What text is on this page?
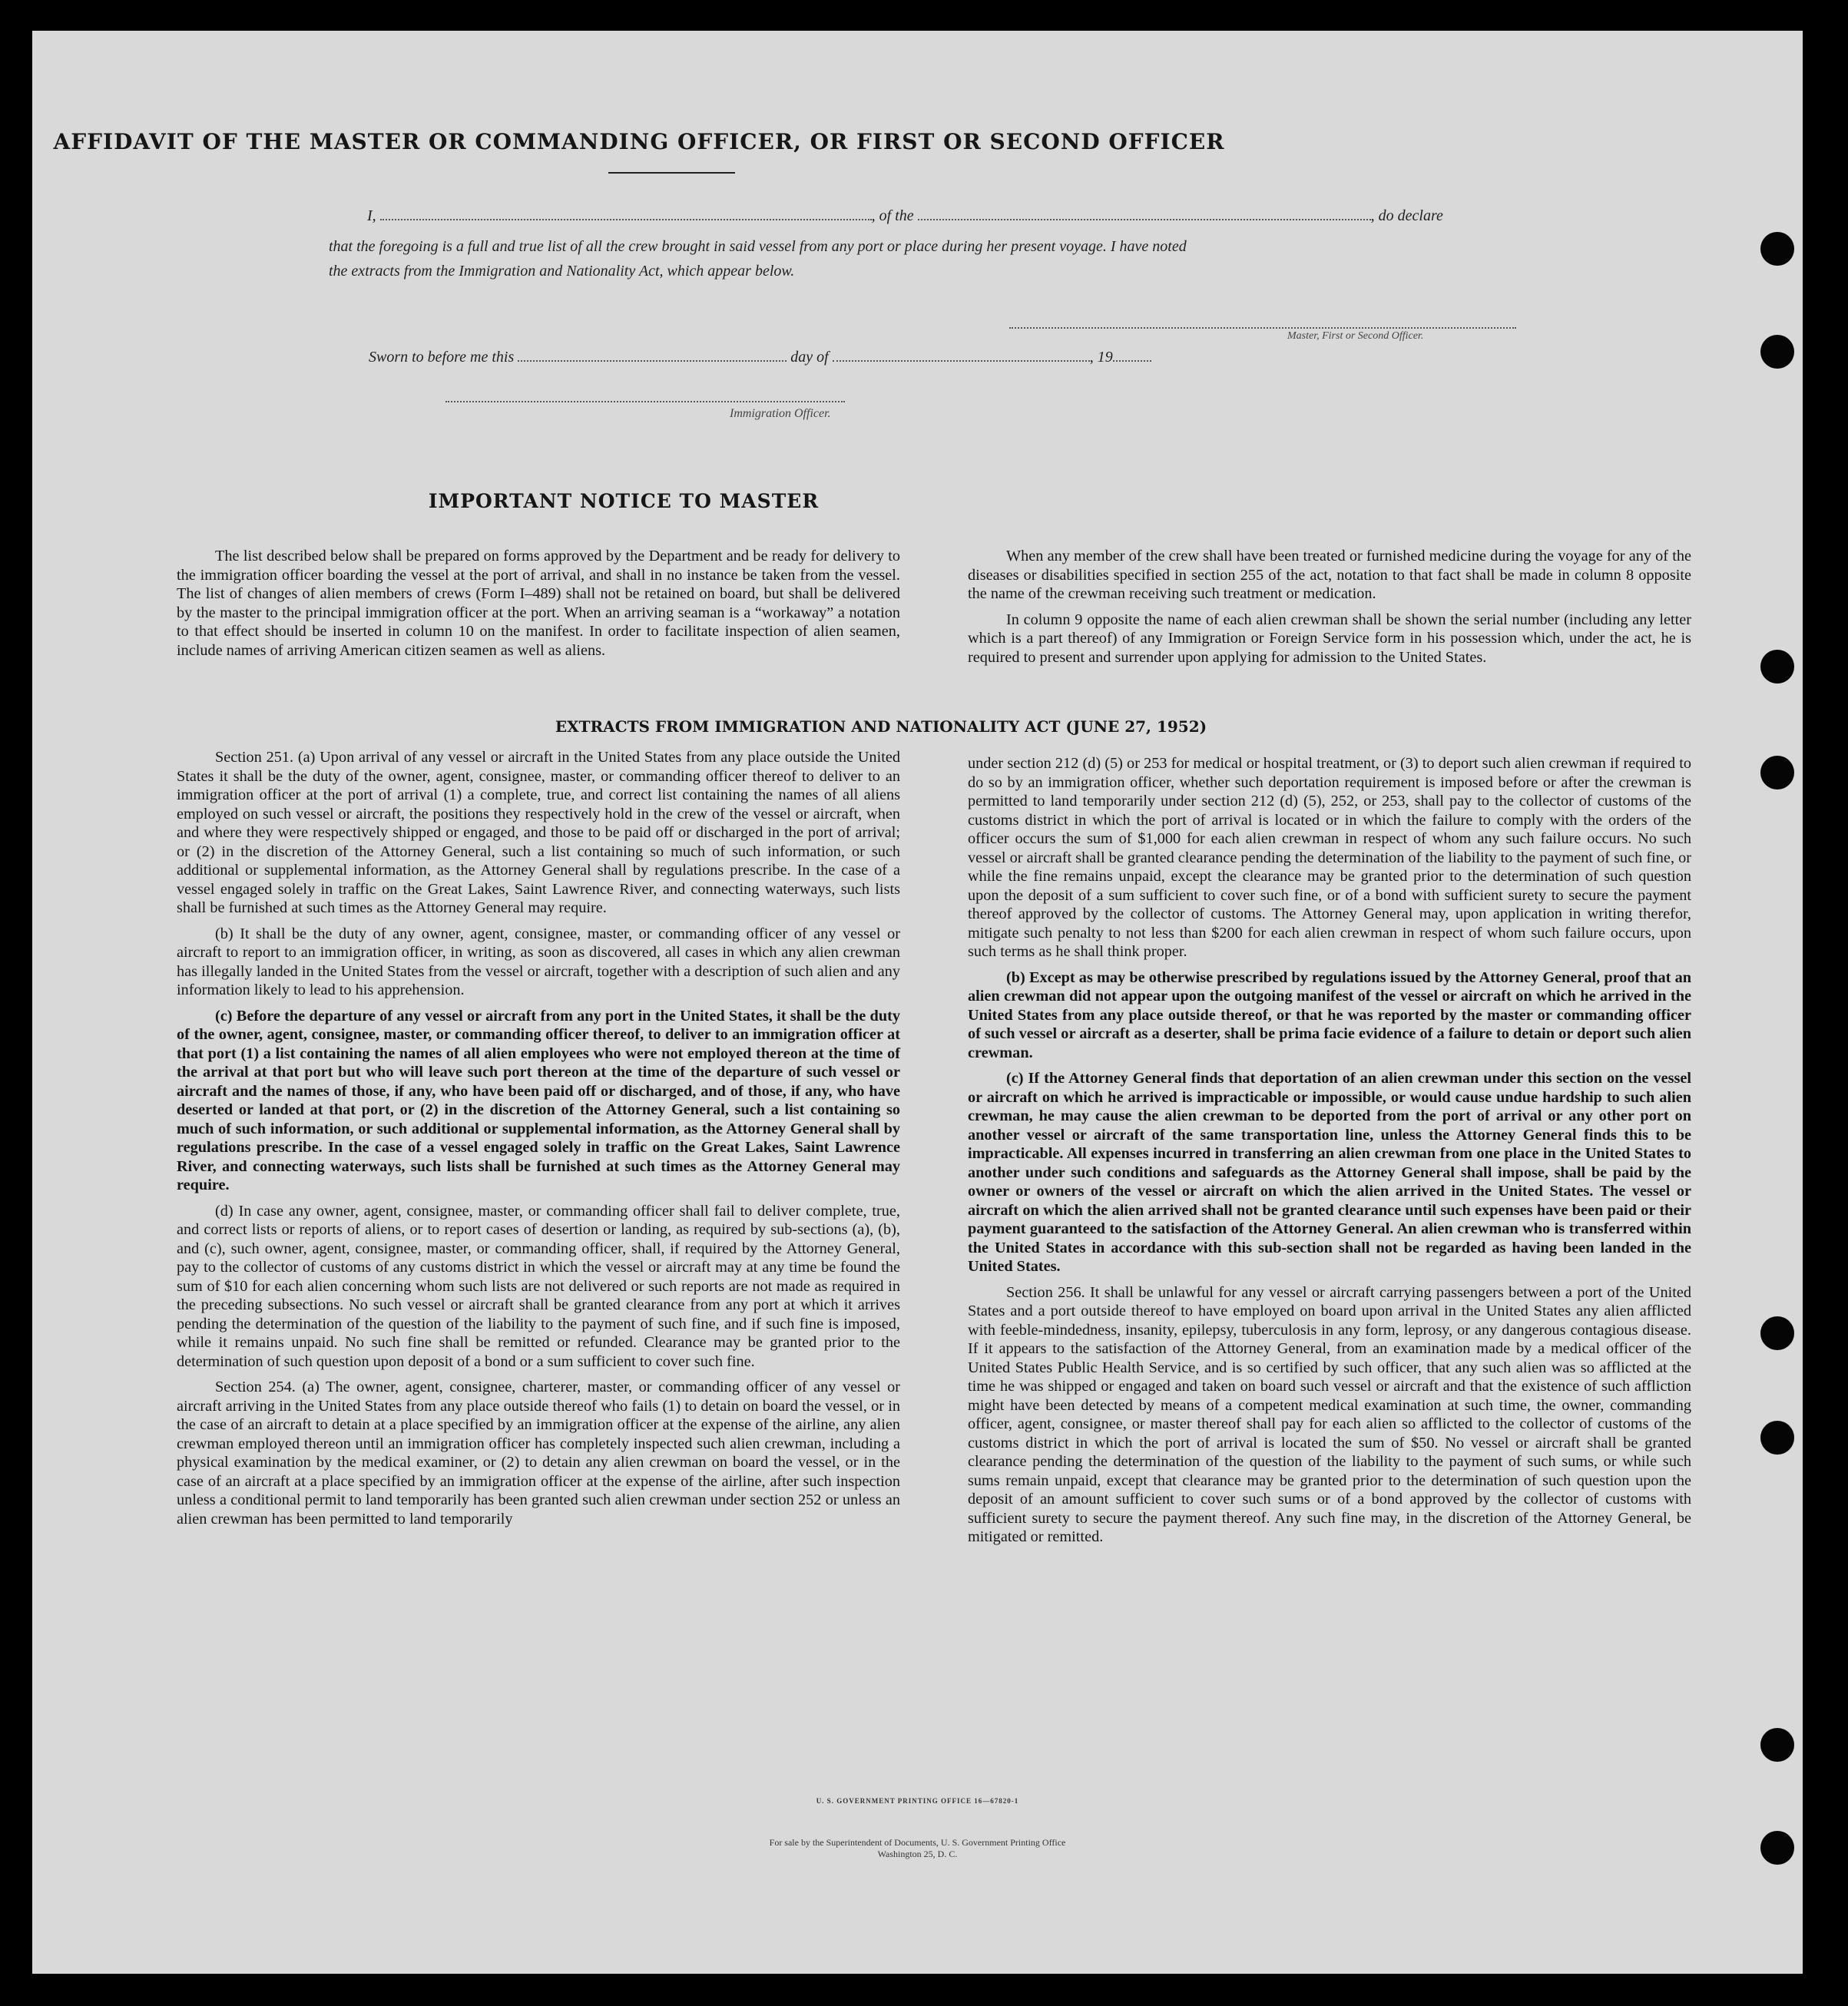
AFFIDAVIT OF THE MASTER OR COMMANDING OFFICER, OR FIRST OR SECOND OFFICER
I,	, of the	, do declare
that the foregoing is a full and true list of all the crew brought in said vessel from any port or place during her present voyage. I have noted
the extracts from the Immigration and Nationality Act, which appear below.
Master, First or Second Officer.
Sworn to before me this	day of	, 19
Immigration Officer.
IMPORTANT NOTICE TO MASTER

The list described below shall be prepared on forms approved by the Department and be ready for delivery to the immigration officer boarding the vessel at the port of arrival, and shall in no instance be taken from the vessel. The list of changes of alien members of crews (Form I–489) shall not be retained on board, but shall be delivered by the master to the principal immigration officer at the port. When an arriving seaman is a “workaway” a notation to that effect should be inserted in column 10 on the manifest. In order to facilitate inspection of alien seamen, include names of arriving American citizen seamen as well as aliens.

When any member of the crew shall have been treated or furnished medicine during the voyage for any of the diseases or disabilities specified in section 255 of the act, notation to that fact shall be made in column 8 opposite the name of the crewman receiving such treatment or medication.

In column 9 opposite the name of each alien crewman shall be shown the serial number (including any letter which is a part thereof) of any Immigration or Foreign Service form in his possession which, under the act, he is required to present and surrender upon applying for admission to the United States.

EXTRACTS FROM IMMIGRATION AND NATIONALITY ACT (JUNE 27, 1952)

Section 251. (a) Upon arrival of any vessel or aircraft in the United States from any place outside the United States it shall be the duty of the owner, agent, consignee, master, or commanding officer thereof to deliver to an immigration officer at the port of arrival (1) a complete, true, and correct list containing the names of all aliens employed on such vessel or aircraft, the positions they respectively hold in the crew of the vessel or aircraft, when and where they were respectively shipped or engaged, and those to be paid off or discharged in the port of arrival; or (2) in the discretion of the Attorney General, such a list containing so much of such information, or such additional or supplemental information, as the Attorney General shall by regulations prescribe. In the case of a vessel engaged solely in traffic on the Great Lakes, Saint Lawrence River, and connecting waterways, such lists shall be furnished at such times as the Attorney General may require.

(b) It shall be the duty of any owner, agent, consignee, master, or commanding officer of any vessel or aircraft to report to an immigration officer, in writing, as soon as discovered, all cases in which any alien crewman has illegally landed in the United States from the vessel or aircraft, together with a description of such alien and any information likely to lead to his apprehension.

(c) Before the departure of any vessel or aircraft from any port in the United States, it shall be the duty of the owner, agent, consignee, master, or commanding officer thereof, to deliver to an immigration officer at that port (1) a list containing the names of all alien employees who were not employed thereon at the time of the arrival at that port but who will leave such port thereon at the time of the departure of such vessel or aircraft and the names of those, if any, who have been paid off or discharged, and of those, if any, who have deserted or landed at that port, or (2) in the discretion of the Attorney General, such a list containing so much of such information, or such additional or supplemental information, as the Attorney General shall by regulations prescribe. In the case of a vessel engaged solely in traffic on the Great Lakes, Saint Lawrence River, and connecting waterways, such lists shall be furnished at such times as the Attorney General may require.

(d) In case any owner, agent, consignee, master, or commanding officer shall fail to deliver complete, true, and correct lists or reports of aliens, or to report cases of desertion or landing, as required by sub-sections (a), (b), and (c), such owner, agent, consignee, master, or commanding officer, shall, if required by the Attorney General, pay to the collector of customs of any customs district in which the vessel or aircraft may at any time be found the sum of $10 for each alien concerning whom such lists are not delivered or such reports are not made as required in the preceding subsections. No such vessel or aircraft shall be granted clearance from any port at which it arrives pending the determination of the question of the liability to the payment of such fine, and if such fine is imposed, while it remains unpaid. No such fine shall be remitted or refunded. Clearance may be granted prior to the determination of such question upon deposit of a bond or a sum sufficient to cover such fine.

Section 254. (a) The owner, agent, consignee, charterer, master, or commanding officer of any vessel or aircraft arriving in the United States from any place outside thereof who fails (1) to detain on board the vessel, or in the case of an aircraft to detain at a place specified by an immigration officer at the expense of the airline, any alien crewman employed thereon until an immigration officer has completely inspected such alien crewman, including a physical examination by the medical examiner, or (2) to detain any alien crewman on board the vessel, or in the case of an aircraft at a place specified by an immigration officer at the expense of the airline, after such inspection unless a conditional permit to land temporarily has been granted such alien crewman under section 252 or unless an alien crewman has been permitted to land temporarily

under section 212 (d) (5) or 253 for medical or hospital treatment, or (3) to deport such alien crewman if required to do so by an immigration officer, whether such deportation requirement is imposed before or after the crewman is permitted to land temporarily under section 212 (d) (5), 252, or 253, shall pay to the collector of customs of the customs district in which the port of arrival is located or in which the failure to comply with the orders of the officer occurs the sum of $1,000 for each alien crewman in respect of whom any such failure occurs. No such vessel or aircraft shall be granted clearance pending the determination of the liability to the payment of such fine, or while the fine remains unpaid, except the clearance may be granted prior to the determination of such question upon the deposit of a sum sufficient to cover such fine, or of a bond with sufficient surety to secure the payment thereof approved by the collector of customs. The Attorney General may, upon application in writing therefor, mitigate such penalty to not less than $200 for each alien crewman in respect of whom such failure occurs, upon such terms as he shall think proper.

(b) Except as may be otherwise prescribed by regulations issued by the Attorney General, proof that an alien crewman did not appear upon the outgoing manifest of the vessel or aircraft on which he arrived in the United States from any place outside thereof, or that he was reported by the master or commanding officer of such vessel or aircraft as a deserter, shall be prima facie evidence of a failure to detain or deport such alien crewman.

(c) If the Attorney General finds that deportation of an alien crewman under this section on the vessel or aircraft on which he arrived is impracticable or impossible, or would cause undue hardship to such alien crewman, he may cause the alien crewman to be deported from the port of arrival or any other port on another vessel or aircraft of the same transportation line, unless the Attorney General finds this to be impracticable. All expenses incurred in transferring an alien crewman from one place in the United States to another under such conditions and safeguards as the Attorney General shall impose, shall be paid by the owner or owners of the vessel or aircraft on which the alien arrived in the United States. The vessel or aircraft on which the alien arrived shall not be granted clearance until such expenses have been paid or their payment guaranteed to the satisfaction of the Attorney General. An alien crewman who is transferred within the United States in accordance with this sub-section shall not be regarded as having been landed in the United States.

Section 256. It shall be unlawful for any vessel or aircraft carrying passengers between a port of the United States and a port outside thereof to have employed on board upon arrival in the United States any alien afflicted with feeble-mindedness, insanity, epilepsy, tuberculosis in any form, leprosy, or any dangerous contagious disease. If it appears to the satisfaction of the Attorney General, from an examination made by a medical officer of the United States Public Health Service, and is so certified by such officer, that any such alien was so afflicted at the time he was shipped or engaged and taken on board such vessel or aircraft and that the existence of such affliction might have been detected by means of a competent medical examination at such time, the owner, commanding officer, agent, consignee, or master thereof shall pay for each alien so afflicted to the collector of customs of the customs district in which the port of arrival is located the sum of $50. No vessel or aircraft shall be granted clearance pending the determination of the question of the liability to the payment of such sums, or while such sums remain unpaid, except that clearance may be granted prior to the determination of such question upon the deposit of an amount sufficient to cover such sums or of a bond approved by the collector of customs with sufficient surety to secure the payment thereof. Any such fine may, in the discretion of the Attorney General, be mitigated or remitted.

U. S. GOVERNMENT PRINTING OFFICE 16—67820-1
For sale by the Superintendent of Documents, U. S. Government Printing Office
Washington 25, D. C.
